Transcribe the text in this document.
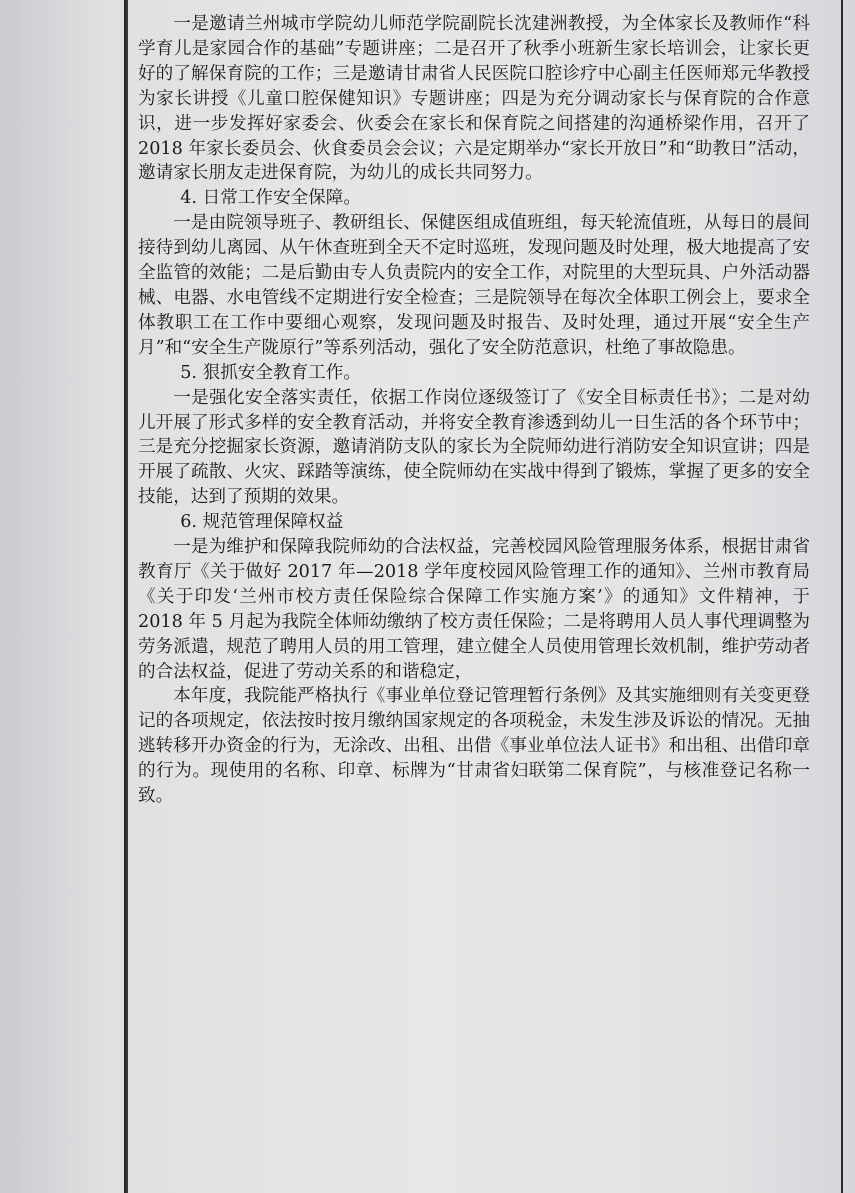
一是邀请兰州城市学院幼儿师范学院副院长沈建洲教授，为全体家长及教师作“科学育儿是家园合作的基础”专题讲座；二是召开了秋季小班新生家长培训会，让家长更好的了解保育院的工作；三是邀请甘肃省人民医院口腔诊疗中心副主任医师郑元华教授为家长讲授《儿童口腔保健知识》专题讲座；四是为充分调动家长与保育院的合作意识，进一步发挥好家委会、伙委会在家长和保育院之间搭建的沟通桥梁作用，召开了 2018 年家长委员会、伙食委员会会议；六是定期举办“家长开放日”和“助教日”活动，邀请家长朋友走进保育院，为幼儿的成长共同努力。

4. 日常工作安全保障。

一是由院领导班子、教研组长、保健医组成值班组，每天轮流值班，从每日的晨间接待到幼儿离园、从午休查班到全天不定时巡班，发现问题及时处理，极大地提高了安全监管的效能；二是后勤由专人负责院内的安全工作，对院里的大型玩具、户外活动器械、电器、水电管线不定期进行安全检查；三是院领导在每次全体职工例会上，要求全体教职工在工作中要细心观察，发现问题及时报告、及时处理，通过开展“安全生产月”和“安全生产陇原行”等系列活动，强化了安全防范意识，杜绝了事故隐患。

5. 狠抓安全教育工作。

一是强化安全落实责任，依据工作岗位逐级签订了《安全目标责任书》；二是对幼儿开展了形式多样的安全教育活动，并将安全教育渗透到幼儿一日生活的各个环节中；三是充分挖掘家长资源，邀请消防支队的家长为全院师幼进行消防安全知识宣讲；四是开展了疏散、火灾、踩踏等演练，使全院师幼在实战中得到了锻炼，掌握了更多的安全技能，达到了预期的效果。

6. 规范管理保障权益

一是为维护和保障我院师幼的合法权益，完善校园风险管理服务体系，根据甘肃省教育厅《关于做好 2017 年—2018 学年度校园风险管理工作的通知》、兰州市教育局《关于印发‘兰州市校方责任保险综合保障工作实施方案’》的通知》文件精神，于 2018 年 5 月起为我院全体师幼缴纳了校方责任保险；二是将聘用人员人事代理调整为劳务派遣，规范了聘用人员的用工管理，建立健全人员使用管理长效机制，维护劳动者的合法权益，促进了劳动关系的和谐稳定，

本年度，我院能严格执行《事业单位登记管理暂行条例》及其实施细则有关变更登记的各项规定，依法按时按月缴纳国家规定的各项税金，未发生涉及诉讼的情况。无抽逃转移开办资金的行为，无涂改、出租、出借《事业单位法人证书》和出租、出借印章的行为。现使用的名称、印章、标牌为“甘肃省妇联第二保育院”，与核准登记名称一致。
